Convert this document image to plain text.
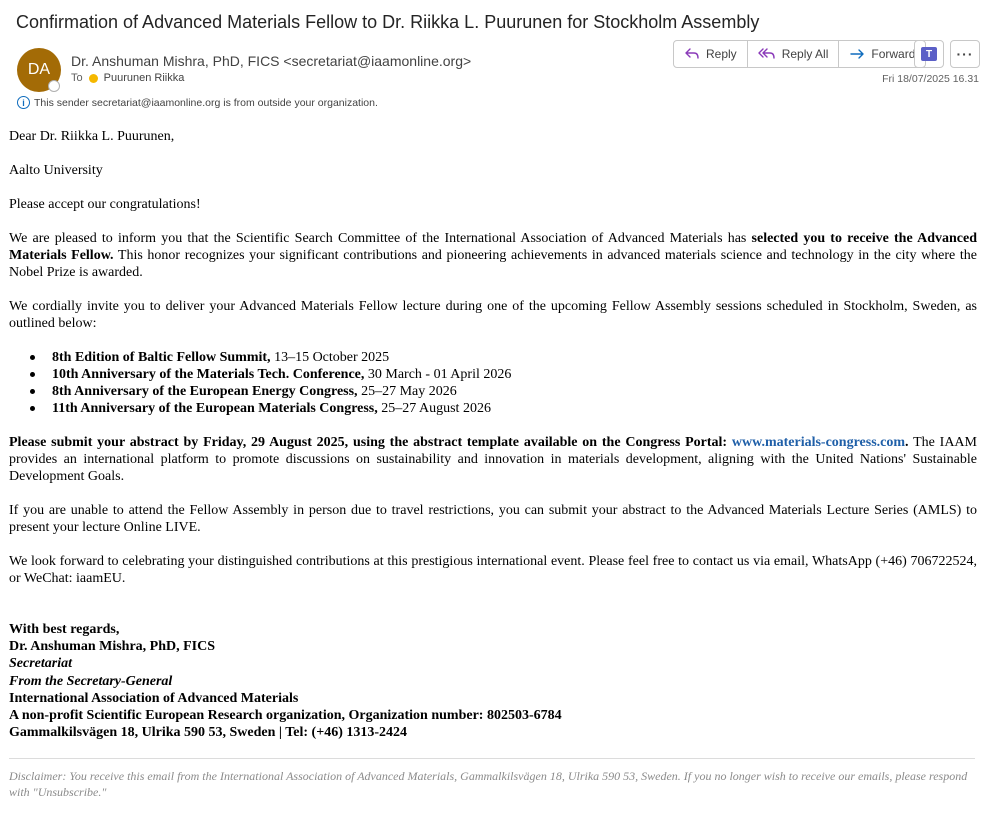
Confirmation of Advanced Materials Fellow to Dr. Riikka L. Puurunen for Stockholm Assembly
DA	Dr. Anshuman Mishra, PhD, FICS <secretariat@iaamonline.org>
To Puurunen Riikka
i This sender secretariat@iaamonline.org is from outside your organization.
Reply	Reply All	Forward	T	···
Fri 18/07/2025 16.31

Dear Dr. Riikka L. Puurunen,

Aalto University

Please accept our congratulations!

We are pleased to inform you that the Scientific Search Committee of the International Association of Advanced Materials has selected you to receive the Advanced Materials Fellow. This honor recognizes your significant contributions and pioneering achievements in advanced materials science and technology in the city where the Nobel Prize is awarded.

We cordially invite you to deliver your Advanced Materials Fellow lecture during one of the upcoming Fellow Assembly sessions scheduled in Stockholm, Sweden, as outlined below:

8th Edition of Baltic Fellow Summit, 13–15 October 2025
10th Anniversary of the Materials Tech. Conference, 30 March - 01 April 2026
8th Anniversary of the European Energy Congress, 25–27 May 2026
11th Anniversary of the European Materials Congress, 25–27 August 2026

Please submit your abstract by Friday, 29 August 2025, using the abstract template available on the Congress Portal: www.materials-congress.com. The IAAM provides an international platform to promote discussions on sustainability and innovation in materials development, aligning with the United Nations' Sustainable Development Goals.

If you are unable to attend the Fellow Assembly in person due to travel restrictions, you can submit your abstract to the Advanced Materials Lecture Series (AMLS) to present your lecture Online LIVE.

We look forward to celebrating your distinguished contributions at this prestigious international event. Please feel free to contact us via email, WhatsApp (+46) 706722524, or WeChat: iaamEU.

With best regards,
Dr. Anshuman Mishra, PhD, FICS
Secretariat
From the Secretary-General
International Association of Advanced Materials
A non-profit Scientific European Research organization, Organization number: 802503-6784
Gammalkilsvägen 18, Ulrika 590 53, Sweden | Tel: (+46) 1313-2424
Disclaimer: You receive this email from the International Association of Advanced Materials, Gammalkilsvägen 18, Ulrika 590 53, Sweden. If you no longer wish to receive our emails, please respond with "Unsubscribe."
